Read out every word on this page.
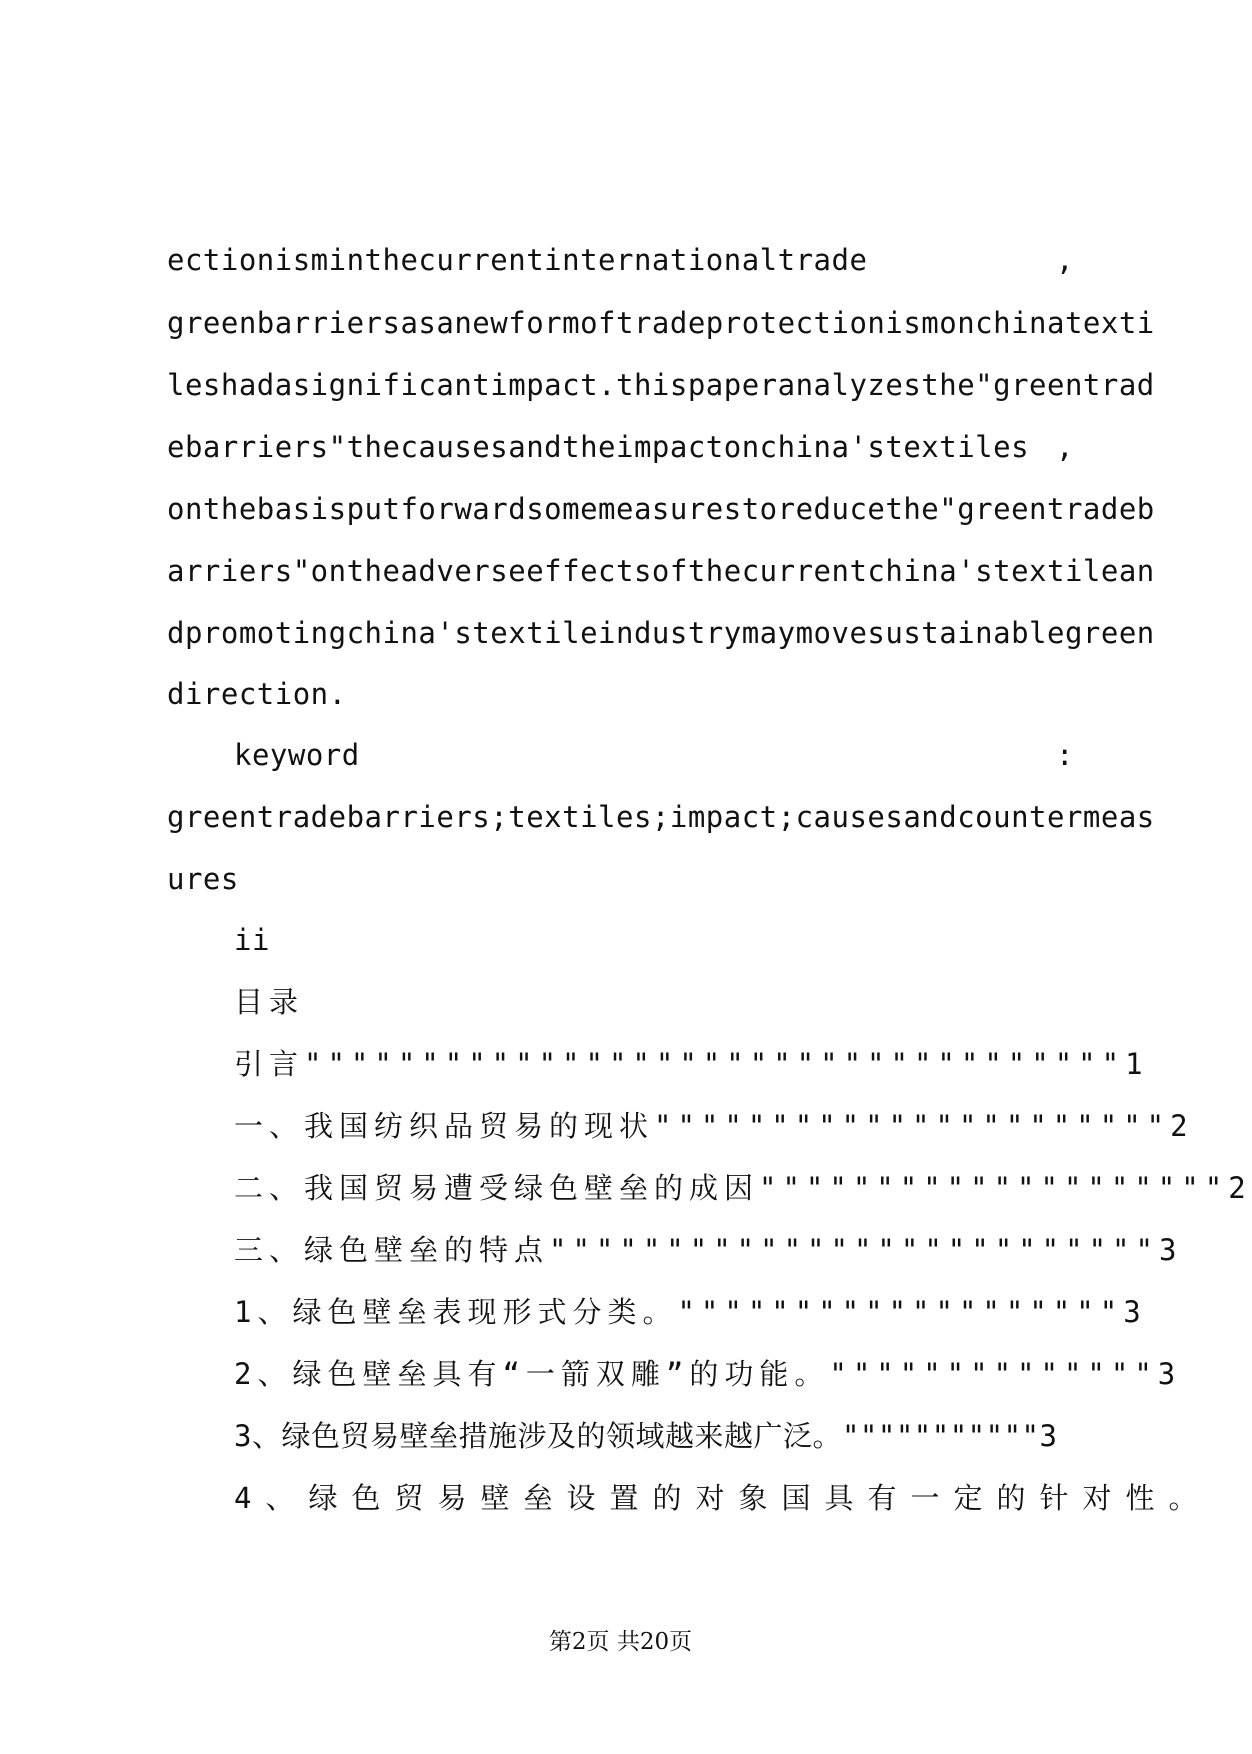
ectionisminthecurrentinternationaltrade	,
greenbarriersasanewformoftradeprotectionismonchinatexti
leshadasignificantimpact.thispaperanalyzesthe"greentrad
ebarriers"thecausesandtheimpactonchina'stextiles ,
onthebasisputforwardsomemeasurestoreducethe"greentradeb
arriers"ontheadverseeffectsofthecurrentchina'stextilean
dpromotingchina'stextileindustrymaymovesustainablegreen
direction.
keyword	:
greentradebarriers;textiles;impact;causesandcountermeas
ures
ii
目录
引言"""""""""""""""""""""""""""""""""""1
一、我国纺织品贸易的现状""""""""""""""""""""""2
二、我国贸易遭受绿色壁垒的成因""""""""""""""""""""2
三、绿色壁垒的特点""""""""""""""""""""""""""3
1、绿色壁垒表现形式分类。"""""""""""""""""""3
2、绿色壁垒具有“一箭双雕”的功能。""""""""""""""3
3、绿色贸易壁垒措施涉及的领域越来越广泛。"""""""""""3
4、绿色贸易壁垒设置的对象国具有一定的针对性。
第2页 共20页
